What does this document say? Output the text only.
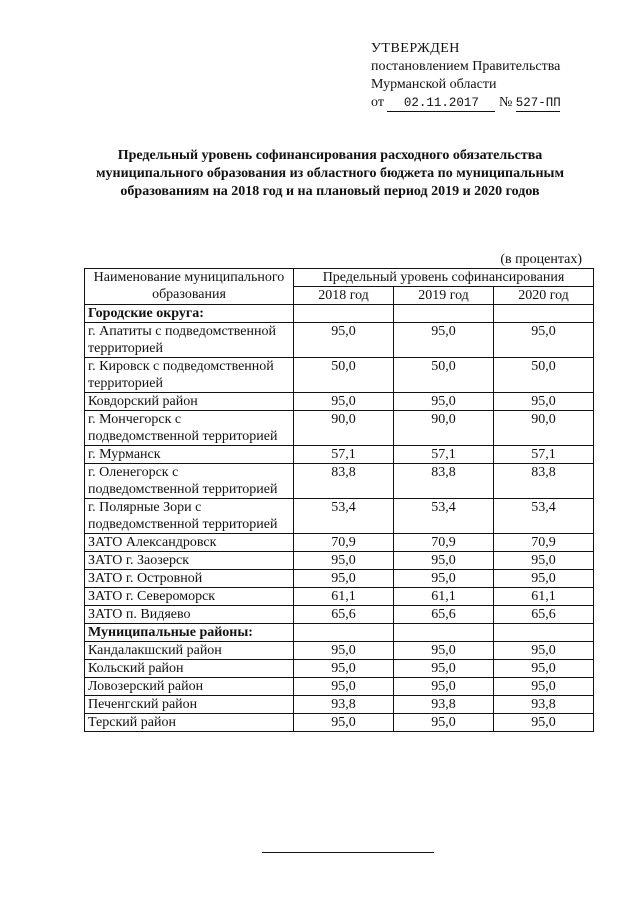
УТВЕРЖДЕН
постановлением Правительства
Мурманской области
от 02.11.2017 № 527-ПП
Предельный уровень софинансирования расходного обязательства муниципального образования из областного бюджета по муниципальным образованиям на 2018 год и на плановый период 2019 и 2020 годов
(в процентах)
Наименование муниципального образования	Предельный уровень софинансирования		
	2018 год	2019 год	2020 год
Городские округа:			
г. Апатиты с подведомственной территорией	95,0	95,0	95,0
г. Кировск с подведомственной территорией	50,0	50,0	50,0
Ковдорский район	95,0	95,0	95,0
г. Мончегорск с подведомственной территорией	90,0	90,0	90,0
г. Мурманск	57,1	57,1	57,1
г. Оленегорск с подведомственной территорией	83,8	83,8	83,8
г. Полярные Зори с подведомственной территорией	53,4	53,4	53,4
ЗАТО Александровск	70,9	70,9	70,9
ЗАТО г. Заозерск	95,0	95,0	95,0
ЗАТО г. Островной	95,0	95,0	95,0
ЗАТО г. Североморск	61,1	61,1	61,1
ЗАТО п. Видяево	65,6	65,6	65,6
Муниципальные районы:			
Кандалакшский район	95,0	95,0	95,0
Кольский район	95,0	95,0	95,0
Ловозерский район	95,0	95,0	95,0
Печенгский район	93,8	93,8	93,8
Терский район	95,0	95,0	95,0
